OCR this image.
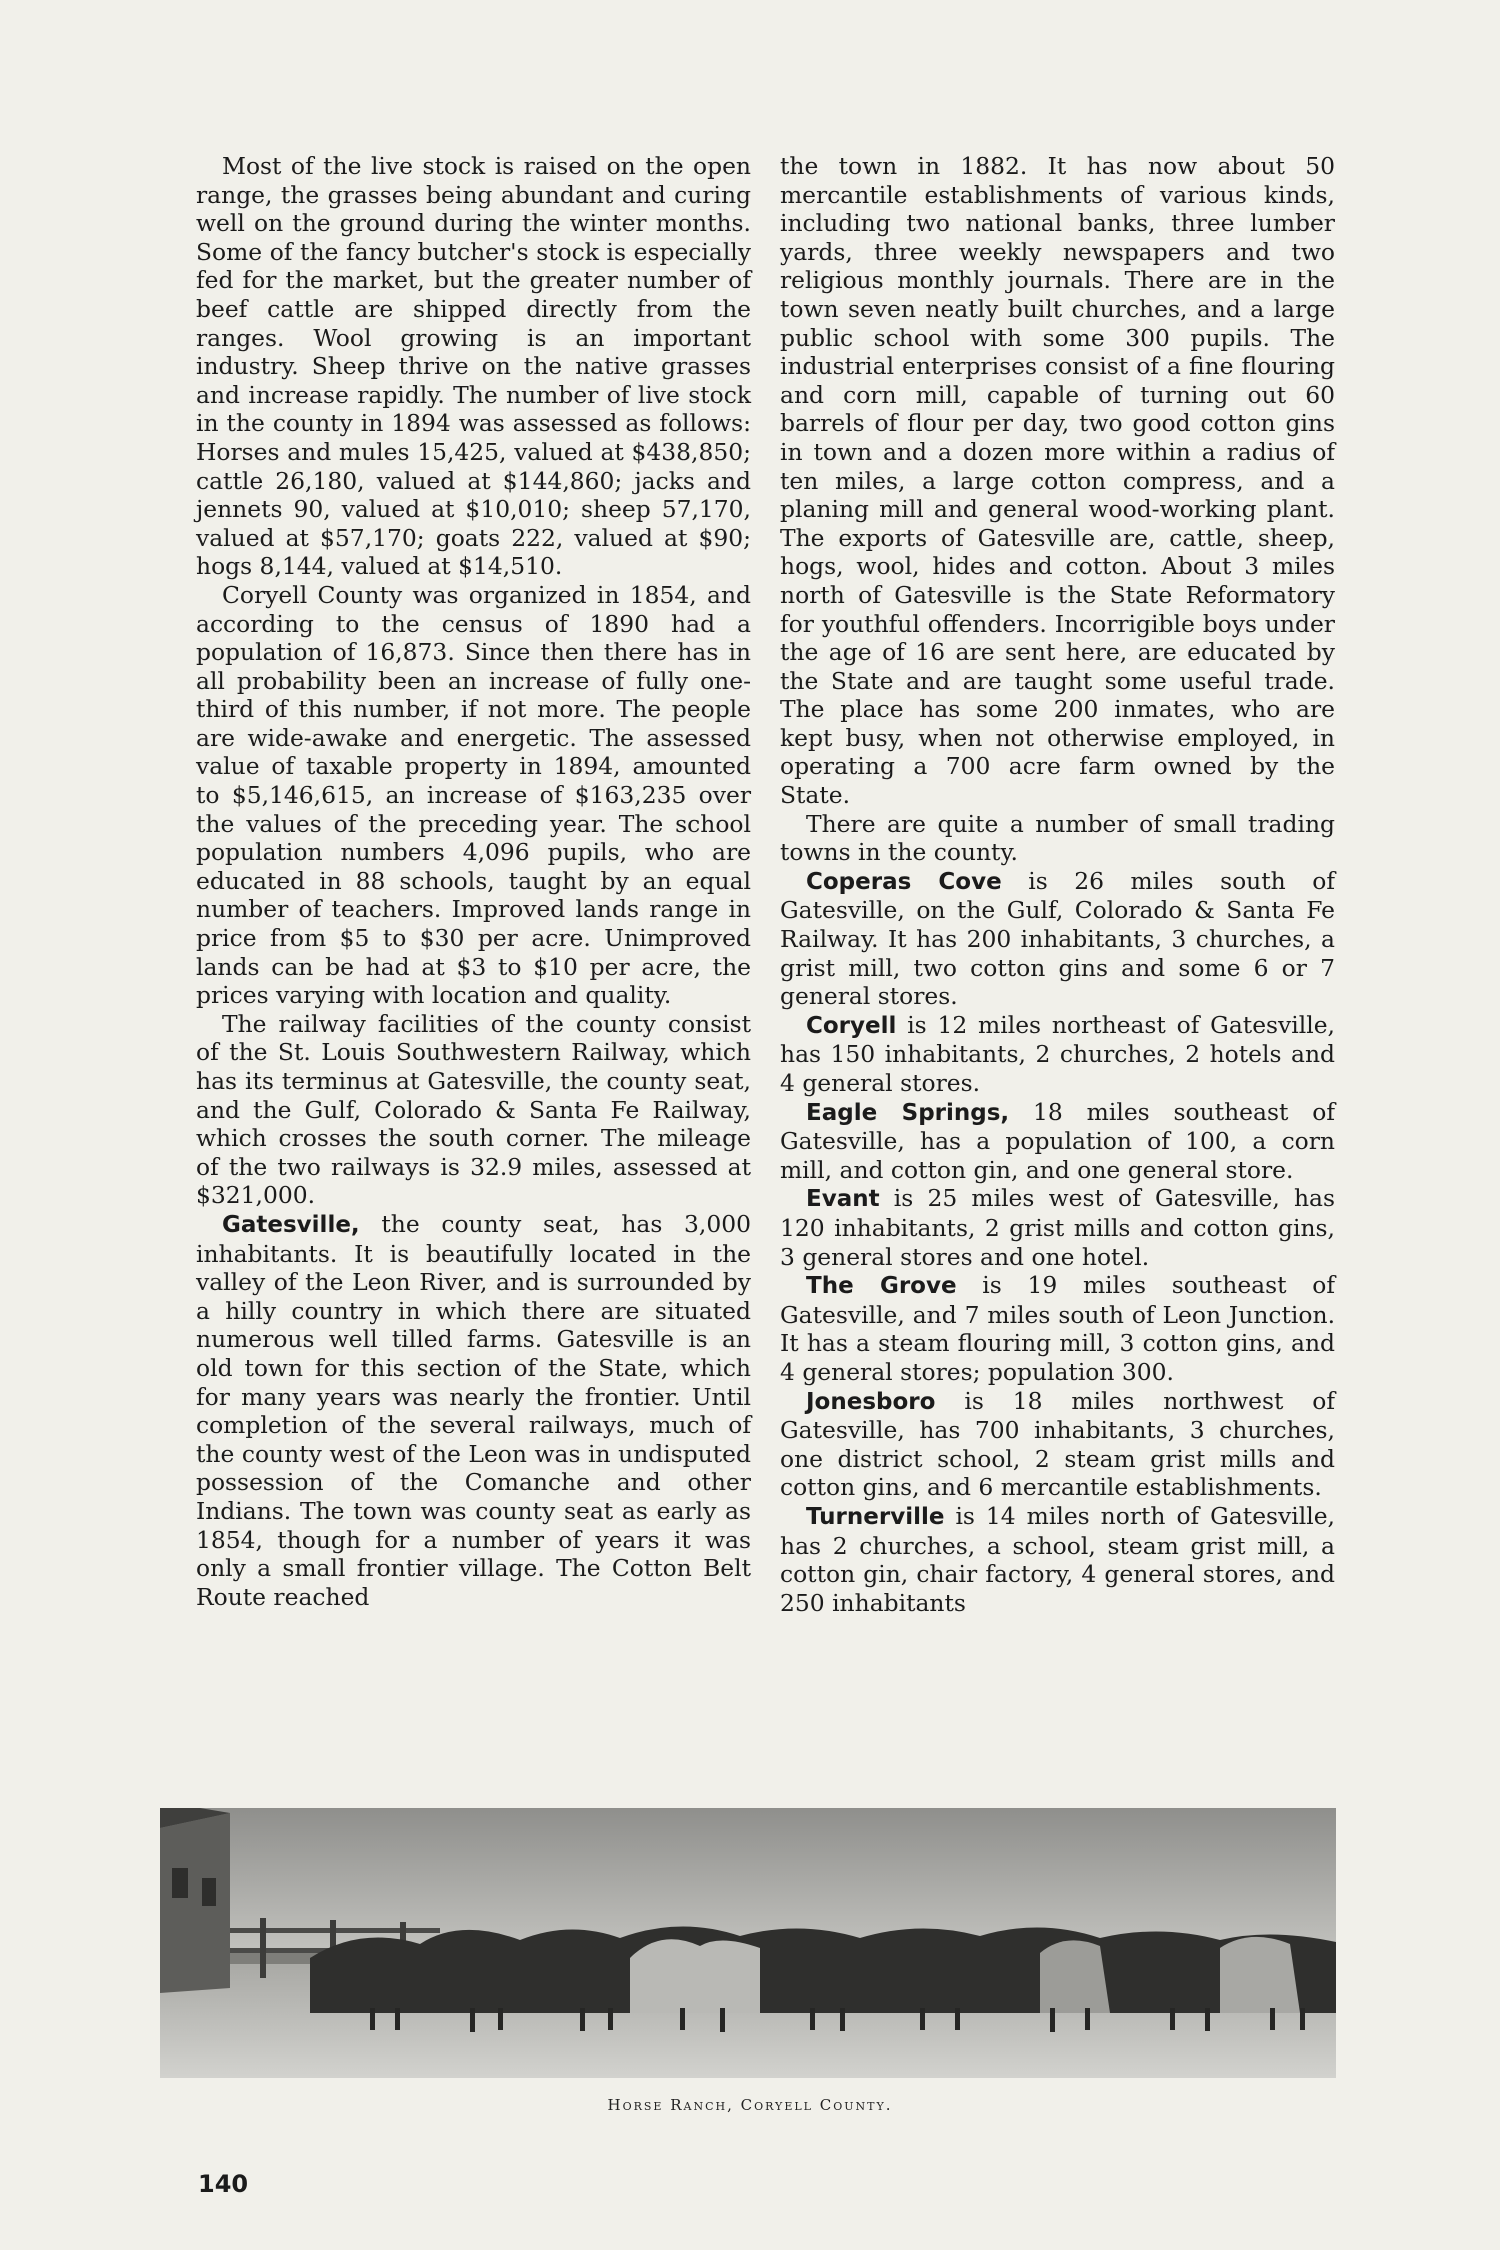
Most of the live stock is raised on the open range, the grasses being abundant and curing well on the ground during the winter months. Some of the fancy butcher's stock is especially fed for the market, but the greater number of beef cattle are shipped directly from the ranges. Wool growing is an important industry. Sheep thrive on the native grasses and increase rapidly. The number of live stock in the county in 1894 was assessed as follows: Horses and mules 15,425, valued at $438,850; cattle 26,180, valued at $144,860; jacks and jennets 90, valued at $10,010; sheep 57,170, valued at $57,170; goats 222, valued at $90; hogs 8,144, valued at $14,510.

Coryell County was organized in 1854, and according to the census of 1890 had a population of 16,873. Since then there has in all probability been an increase of fully one-third of this number, if not more. The people are wide-awake and energetic. The assessed value of taxable property in 1894, amounted to $5,146,615, an increase of $163,235 over the values of the preceding year. The school population numbers 4,096 pupils, who are educated in 88 schools, taught by an equal number of teachers. Improved lands range in price from $5 to $30 per acre. Unimproved lands can be had at $3 to $10 per acre, the prices varying with location and quality.

The railway facilities of the county consist of the St. Louis Southwestern Railway, which has its terminus at Gatesville, the county seat, and the Gulf, Colorado & Santa Fe Railway, which crosses the south corner. The mileage of the two railways is 32.9 miles, assessed at $321,000.

Gatesville, the county seat, has 3,000 inhabitants. It is beautifully located in the valley of the Leon River, and is surrounded by a hilly country in which there are situated numerous well tilled farms. Gatesville is an old town for this section of the State, which for many years was nearly the frontier. Until completion of the several railways, much of the county west of the Leon was in undisputed possession of the Comanche and other Indians. The town was county seat as early as 1854, though for a number of years it was only a small frontier village. The Cotton Belt Route reached

the town in 1882. It has now about 50 mercantile establishments of various kinds, including two national banks, three lumber yards, three weekly newspapers and two religious monthly journals. There are in the town seven neatly built churches, and a large public school with some 300 pupils. The industrial enterprises consist of a fine flouring and corn mill, capable of turning out 60 barrels of flour per day, two good cotton gins in town and a dozen more within a radius of ten miles, a large cotton compress, and a planing mill and general wood-working plant. The exports of Gatesville are, cattle, sheep, hogs, wool, hides and cotton. About 3 miles north of Gatesville is the State Reformatory for youthful offenders. Incorrigible boys under the age of 16 are sent here, are educated by the State and are taught some useful trade. The place has some 200 inmates, who are kept busy, when not otherwise employed, in operating a 700 acre farm owned by the State.

There are quite a number of small trading towns in the county.

Coperas Cove is 26 miles south of Gatesville, on the Gulf, Colorado & Santa Fe Railway. It has 200 inhabitants, 3 churches, a grist mill, two cotton gins and some 6 or 7 general stores.

Coryell is 12 miles northeast of Gatesville, has 150 inhabitants, 2 churches, 2 hotels and 4 general stores.

Eagle Springs, 18 miles southeast of Gatesville, has a population of 100, a corn mill, and cotton gin, and one general store.

Evant is 25 miles west of Gatesville, has 120 inhabitants, 2 grist mills and cotton gins, 3 general stores and one hotel.

The Grove is 19 miles southeast of Gatesville, and 7 miles south of Leon Junction. It has a steam flouring mill, 3 cotton gins, and 4 general stores; population 300.

Jonesboro is 18 miles northwest of Gatesville, has 700 inhabitants, 3 churches, one district school, 2 steam grist mills and cotton gins, and 6 mercantile establishments.

Turnerville is 14 miles north of Gatesville, has 2 churches, a school, steam grist mill, a cotton gin, chair factory, 4 general stores, and 250 inhabitants

Horse Ranch, Coryell County.
140
